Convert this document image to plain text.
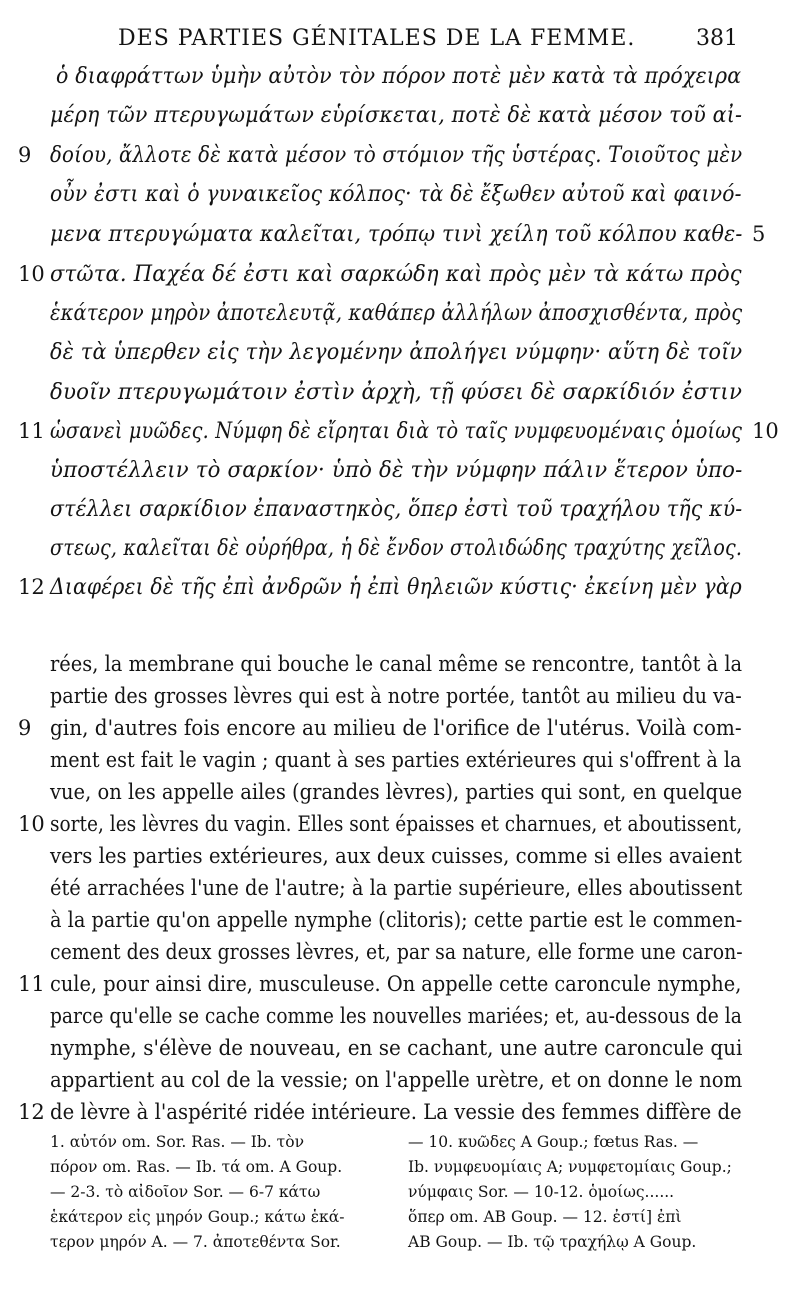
DES PARTIES GÉNITALES DE LA FEMME.	381
ὁ διαφράττων ὑμὴν αὐτὸν τὸν πόρον ποτὲ μὲν κατὰ τὰ πρόχειρα
μέρη τῶν πτερυγωμάτων εὑρίσκεται, ποτὲ δὲ κατὰ μέσον τοῦ αἰ-
9 δοίου, ἄλλοτε δὲ κατὰ μέσον τὸ στόμιον τῆς ὑστέρας. Τοιοῦτος μὲν
οὖν ἐστι καὶ ὁ γυναικεῖος κόλπος· τὰ δὲ ἔξωθεν αὐτοῦ καὶ φαινό-
μενα πτερυγώματα καλεῖται, τρόπῳ τινὶ χείλη τοῦ κόλπου καθε- 5
10 στῶτα. Παχέα δέ ἐστι καὶ σαρκώδη καὶ πρὸς μὲν τὰ κάτω πρὸς
ἑκάτερον μηρὸν ἀποτελευτᾷ, καθάπερ ἀλλήλων ἀποσχισθέντα, πρὸς
δὲ τὰ ὑπερθεν εἰς τὴν λεγομένην ἀπολήγει νύμφην· αὕτη δὲ τοῖν
δυοῖν πτερυγωμάτοιν ἐστὶν ἀρχὴ, τῇ φύσει δὲ σαρκίδιόν ἐστιν
11 ὡσανεὶ μυῶδες. Νύμφη δὲ εἴρηται διὰ τὸ ταῖς νυμφευομέναις ὁμοίως 10
ὑποστέλλειν τὸ σαρκίον· ὑπὸ δὲ τὴν νύμφην πάλιν ἕτερον ὑπο-
στέλλει σαρκίδιον ἐπαναστηκὸς, ὅπερ ἐστὶ τοῦ τραχήλου τῆς κύ-
στεως, καλεῖται δὲ οὐρήθρα, ἡ δὲ ἔνδον στολιδώδης τραχύτης χεῖλος.
12 Διαφέρει δὲ τῆς ἐπὶ ἀνδρῶν ἡ ἐπὶ θηλειῶν κύστις· ἐκείνη μὲν γὰρ
rées, la membrane qui bouche le canal même se rencontre, tantôt à la
partie des grosses lèvres qui est à notre portée, tantôt au milieu du va-
9 gin, d'autres fois encore au milieu de l'orifice de l'utérus. Voilà com-
ment est fait le vagin ; quant à ses parties extérieures qui s'offrent à la
vue, on les appelle ailes (grandes lèvres), parties qui sont, en quelque
10 sorte, les lèvres du vagin. Elles sont épaisses et charnues, et aboutissent,
vers les parties extérieures, aux deux cuisses, comme si elles avaient
été arrachées l'une de l'autre; à la partie supérieure, elles aboutissent
à la partie qu'on appelle nymphe (clitoris); cette partie est le commen-
cement des deux grosses lèvres, et, par sa nature, elle forme une caron-
11 cule, pour ainsi dire, musculeuse. On appelle cette caroncule nymphe,
parce qu'elle se cache comme les nouvelles mariées; et, au-dessous de la
nymphe, s'élève de nouveau, en se cachant, une autre caroncule qui
appartient au col de la vessie; on l'appelle urètre, et on donne le nom
12 de lèvre à l'aspérité ridée intérieure. La vessie des femmes diffère de
1. αὐτόν om. Sor. Ras. — Ib. τὸν
πόρον om. Ras. — Ib. τά om. A Goup.
— 2-3. τὸ αἰδοῖον Sor. — 6-7 κάτω
ἑκάτερον εἰς μηρόν Goup.; κάτω ἑκά-
τερον μηρόν A. — 7. ἀποτεθέντα Sor.
— 10. κυῶδες A Goup.; fœtus Ras. —
Ib. νυμφευομίαις A; νυμφετομίαις Goup.;
νύμφαις Sor. — 10-12. ὁμοίως......
ὅπερ om. AB Goup. — 12. ἐστί] ἐπὶ
AB Goup. — Ib. τῷ τραχήλῳ A Goup.
